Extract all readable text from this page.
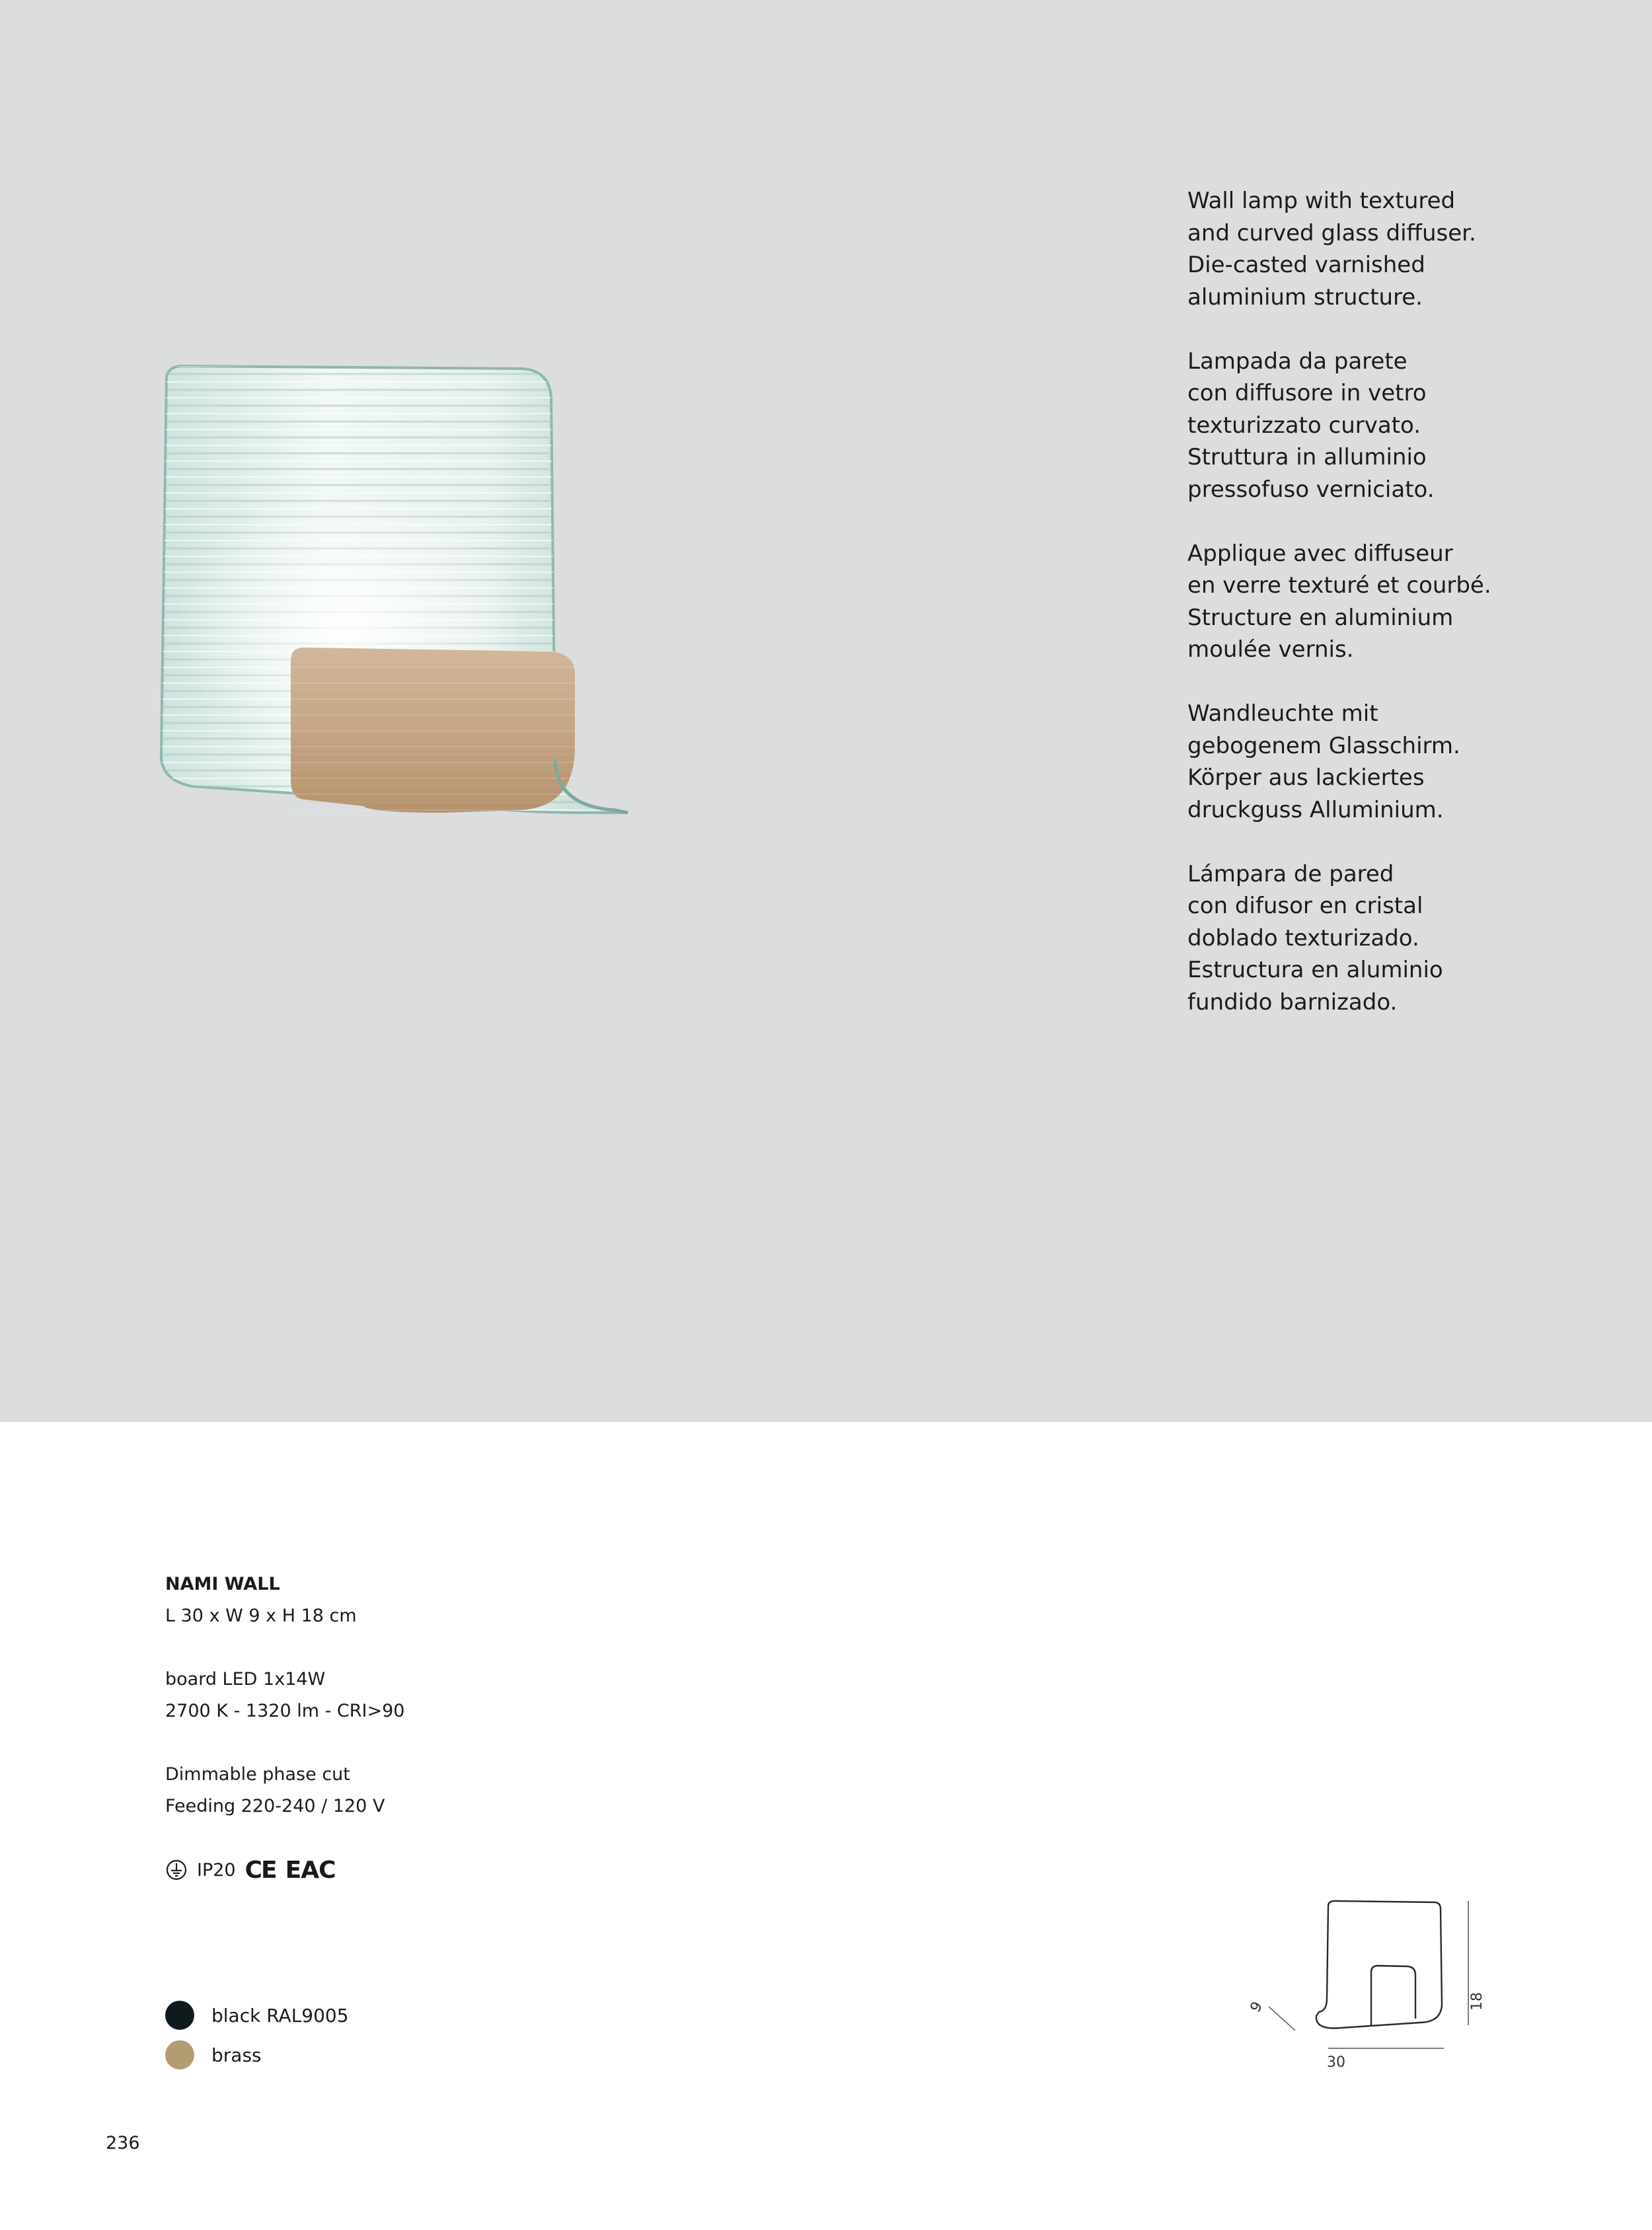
Wall lamp with textured
and curved glass diffuser.
Die-casted varnished
aluminium structure.

Lampada da parete
con diffusore in vetro
texturizzato curvato.
Struttura in alluminio
pressofuso verniciato.

Applique avec diffuseur
en verre texturé et courbé.
Structure en aluminium
moulée vernis.

Wandleuchte mit
gebogenem Glasschirm.
Körper aus lackiertes
druckguss Alluminium.

Lámpara de pared
con difusor en cristal
doblado texturizado.
Estructura en aluminio
fundido barnizado.

NAMI WALL
L 30 x W 9 x H 18 cm
board LED 1x14W
2700 K - 1320 lm - CRI>90
Dimmable phase cut
Feeding 220-240 / 120 V
IP20 CE EAC
black RAL9005
brass	30
18
9
236
